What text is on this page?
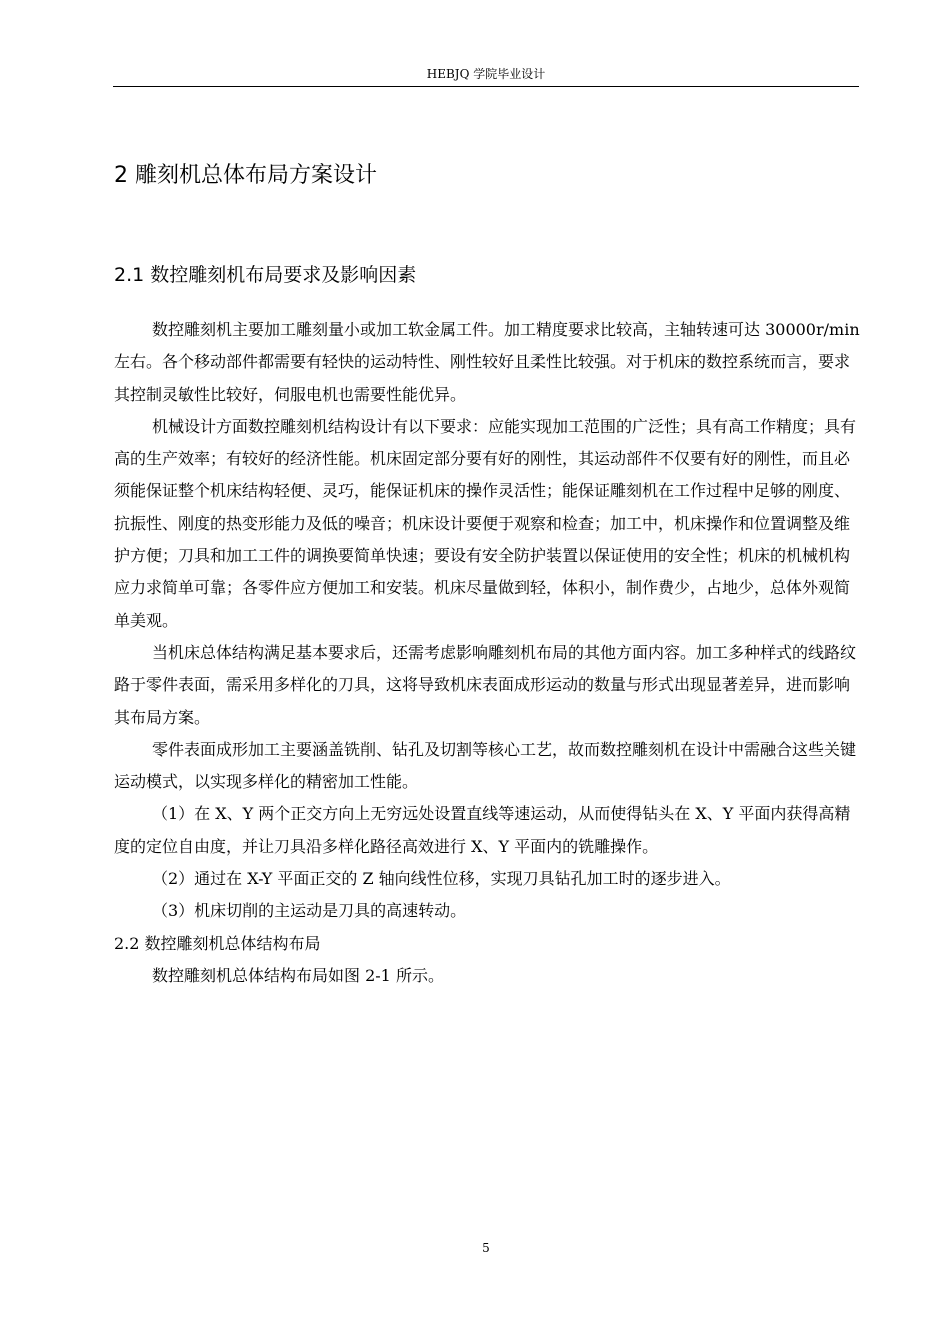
HEBJQ 学院毕业设计
2 雕刻机总体布局方案设计
2.1 数控雕刻机布局要求及影响因素

数控雕刻机主要加工雕刻量小或加工软金属工件。加工精度要求比较高，主轴转速可达 30000r/min 左右。各个移动部件都需要有轻快的运动特性、刚性较好且柔性比较强。对于机床的数控系统而言，要求其控制灵敏性比较好，伺服电机也需要性能优异。

机械设计方面数控雕刻机结构设计有以下要求：应能实现加工范围的广泛性；具有高工作精度；具有高的生产效率；有较好的经济性能。机床固定部分要有好的刚性，其运动部件不仅要有好的刚性，而且必须能保证整个机床结构轻便、灵巧，能保证机床的操作灵活性；能保证雕刻机在工作过程中足够的刚度、抗振性、刚度的热变形能力及低的噪音；机床设计要便于观察和检查；加工中，机床操作和位置调整及维护方便；刀具和加工工件的调换要简单快速；要设有安全防护装置以保证使用的安全性；机床的机械机构应力求简单可靠；各零件应方便加工和安装。机床尽量做到轻，体积小，制作费少，占地少，总体外观简单美观。

当机床总体结构满足基本要求后，还需考虑影响雕刻机布局的其他方面内容。加工多种样式的线路纹路于零件表面，需采用多样化的刀具，这将导致机床表面成形运动的数量与形式出现显著差异，进而影响其布局方案。

零件表面成形加工主要涵盖铣削、钻孔及切割等核心工艺，故而数控雕刻机在设计中需融合这些关键运动模式，以实现多样化的精密加工性能。

（1）在 X、Y 两个正交方向上无穷远处设置直线等速运动，从而使得钻头在 X、Y 平面内获得高精度的定位自由度，并让刀具沿多样化路径高效进行 X、Y 平面内的铣雕操作。

（2）通过在 X-Y 平面正交的 Z 轴向线性位移，实现刀具钻孔加工时的逐步进入。

（3）机床切削的主运动是刀具的高速转动。

2.2 数控雕刻机总体结构布局

数控雕刻机总体结构布局如图 2-1 所示。

5
